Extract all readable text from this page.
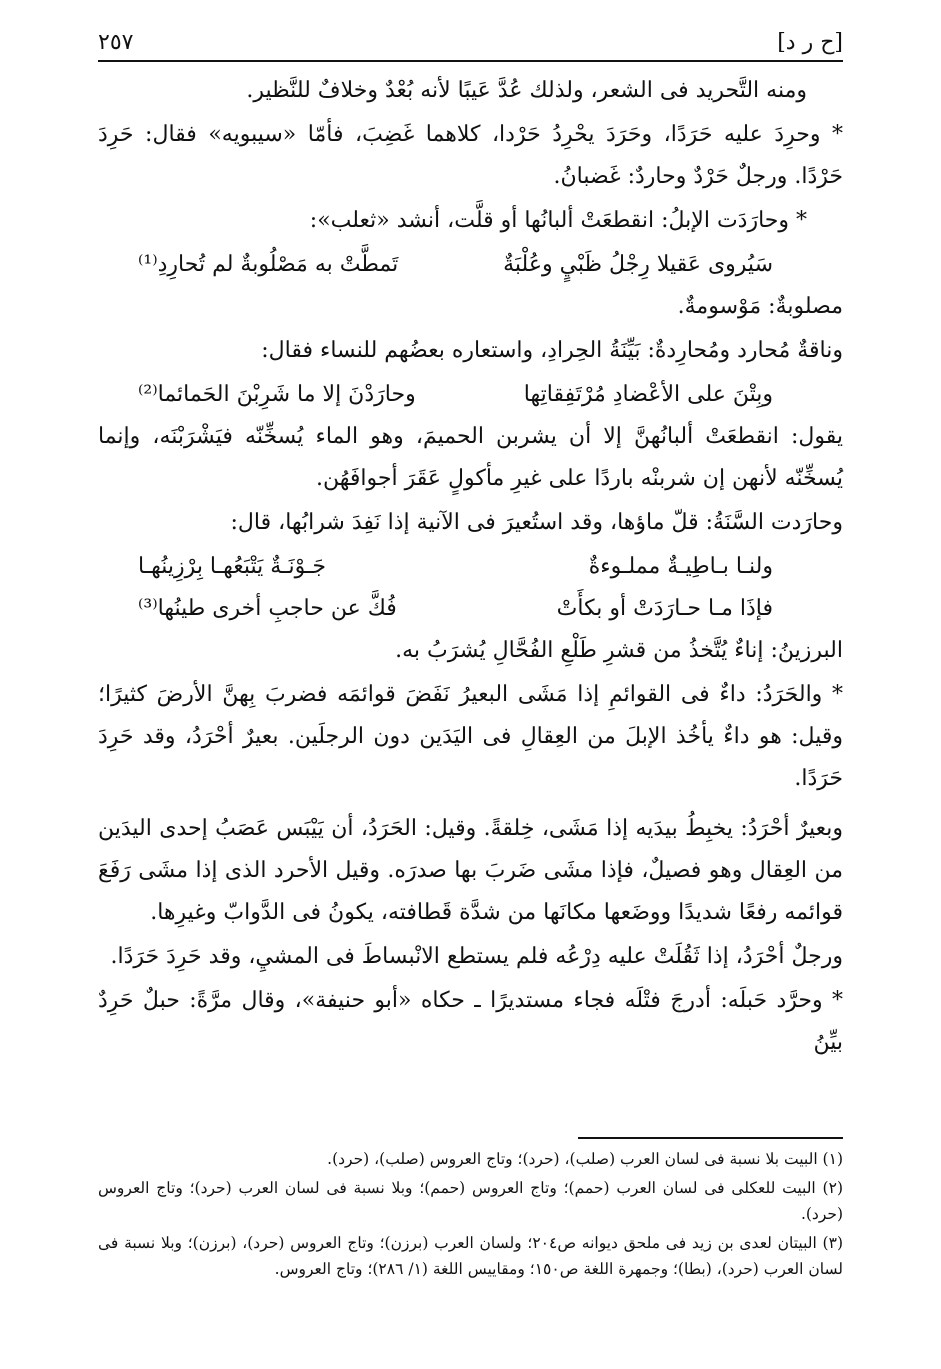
[ح ر د]
٢٥٧

ومنه التَّحريد فى الشعر، ولذلك عُدَّ عَيبًا لأنه بُعْدٌ وخلافٌ للنَّظير.

* وحرِدَ عليه حَرَدًا، وحَرَدَ يحْرِدُ حَرْدا، كلاهما غَضِبَ، فأمّا «سيبويه» فقال: حَرِدَ حَرْدًا. ورجلٌ حَرْدٌ وحاردٌ: غَضبانُ.

* وحارَدَت الإبلُ: انقطعَتْ ألبانُها أو قلَّت، أنشد «ثعلب»:

سَيُروى عَقيلا رِجْلُ ظَبْيٍ وعُلْبَةٌ
تَمطَّتْ به مَصْلُوبةٌ لم تُحارِدِ⁽¹⁾

مصلوبةٌ: مَوْسومةٌ.

وناقةٌ مُحارد ومُحارِدةٌ: بَيِّنَةُ الحِرادِ، واستعاره بعضُهم للنساء فقال:

وبِتْنَ على الأعْضادِ مُرْتَفِقاتِها
وحارَدْنَ إلا ما شَرِبْنَ الحَمائما⁽²⁾

يقول: انقطعَتْ ألبانُهنَّ إلا أن يشربن الحميمَ، وهو الماء يُسخِّنّه فيَشْرَبْنَه، وإنما يُسخِّنّه لأنهن إن شربنْه باردًا على غيرِ مأكولٍ عَقَرَ أجوافَهُن.

وحارَدت السَّنَةُ: قلّ ماؤها، وقد استُعيرَ فى الآنية إذا نَفِدَ شرابُها، قال:

ولنـا بـاطِيـةٌ مملـوءةٌ
جَـوْنَـةٌ يَتْبَعُهـا بِرْزِينُهـا
فإذَا مـا حـارَدَتْ أو بكأَتْ
فُكَّ عن حاجبِ أخرى طينُها⁽³⁾

البرزينُ: إناءٌ يُتَّخذُ من قشرِ طَلْعِ الفُحَّالِ يُشرَبُ به.

* والحَرَدُ: داءٌ فى القوائمِ إذا مَشَى البعيرُ نَفَضَ قوائمَه فضربَ بِهنَّ الأرضَ كثيرًا؛ وقيل: هو داءٌ يأخُذ الإبلَ من العِقالِ فى اليَدَين دون الرجلَين. بعيرٌ أحْرَدُ، وقد حَرِدَ حَرَدًا.

وبعيرٌ أحْرَدُ: يخبِطُ بيدَيه إذا مَشَى، خِلقةً. وقيل: الحَرَدُ، أن يَيْبَس عَصَبُ إحدى اليدَين من العِقال وهو فصيلٌ، فإذا مشَى ضَربَ بها صدرَه. وقيل الأحرد الذى إذا مشَى رَفَعَ قوائمه رفعًا شديدًا ووضَعها مكانَها من شدَّة قَطافته، يكونُ فى الدَّوابّ وغيرِها.

ورجلٌ أحْرَدُ، إذا ثَقُلَتْ عليه دِرْعُه فلم يستطع الانْبساطَ فى المشيِ، وقد حَرِدَ حَرَدًا.

* وحرَّد حَبلَه: أدرجَ فتْلَه فجاء مستديرًا ـ حكاه «أبو حنيفة»، وقال مرَّةً: حبلٌ حَرِدٌ بيِّنُ

(١) البيت بلا نسبة فى لسان العرب (صلب)، (حرد)؛ وتاج العروس (صلب)، (حرد).

(٢) البيت للعكلى فى لسان العرب (حمم)؛ وتاج العروس (حمم)؛ وبلا نسبة فى لسان العرب (حرد)؛ وتاج العروس (حرد).

(٣) البيتان لعدى بن زيد فى ملحق ديوانه ص٢٠٤؛ ولسان العرب (برزن)؛ وتاج العروس (حرد)، (برزن)؛ وبلا نسبة فى لسان العرب (حرد)، (بطا)؛ وجمهرة اللغة ص١٥٠؛ ومقاييس اللغة (١/ ٢٨٦)؛ وتاج العروس.
